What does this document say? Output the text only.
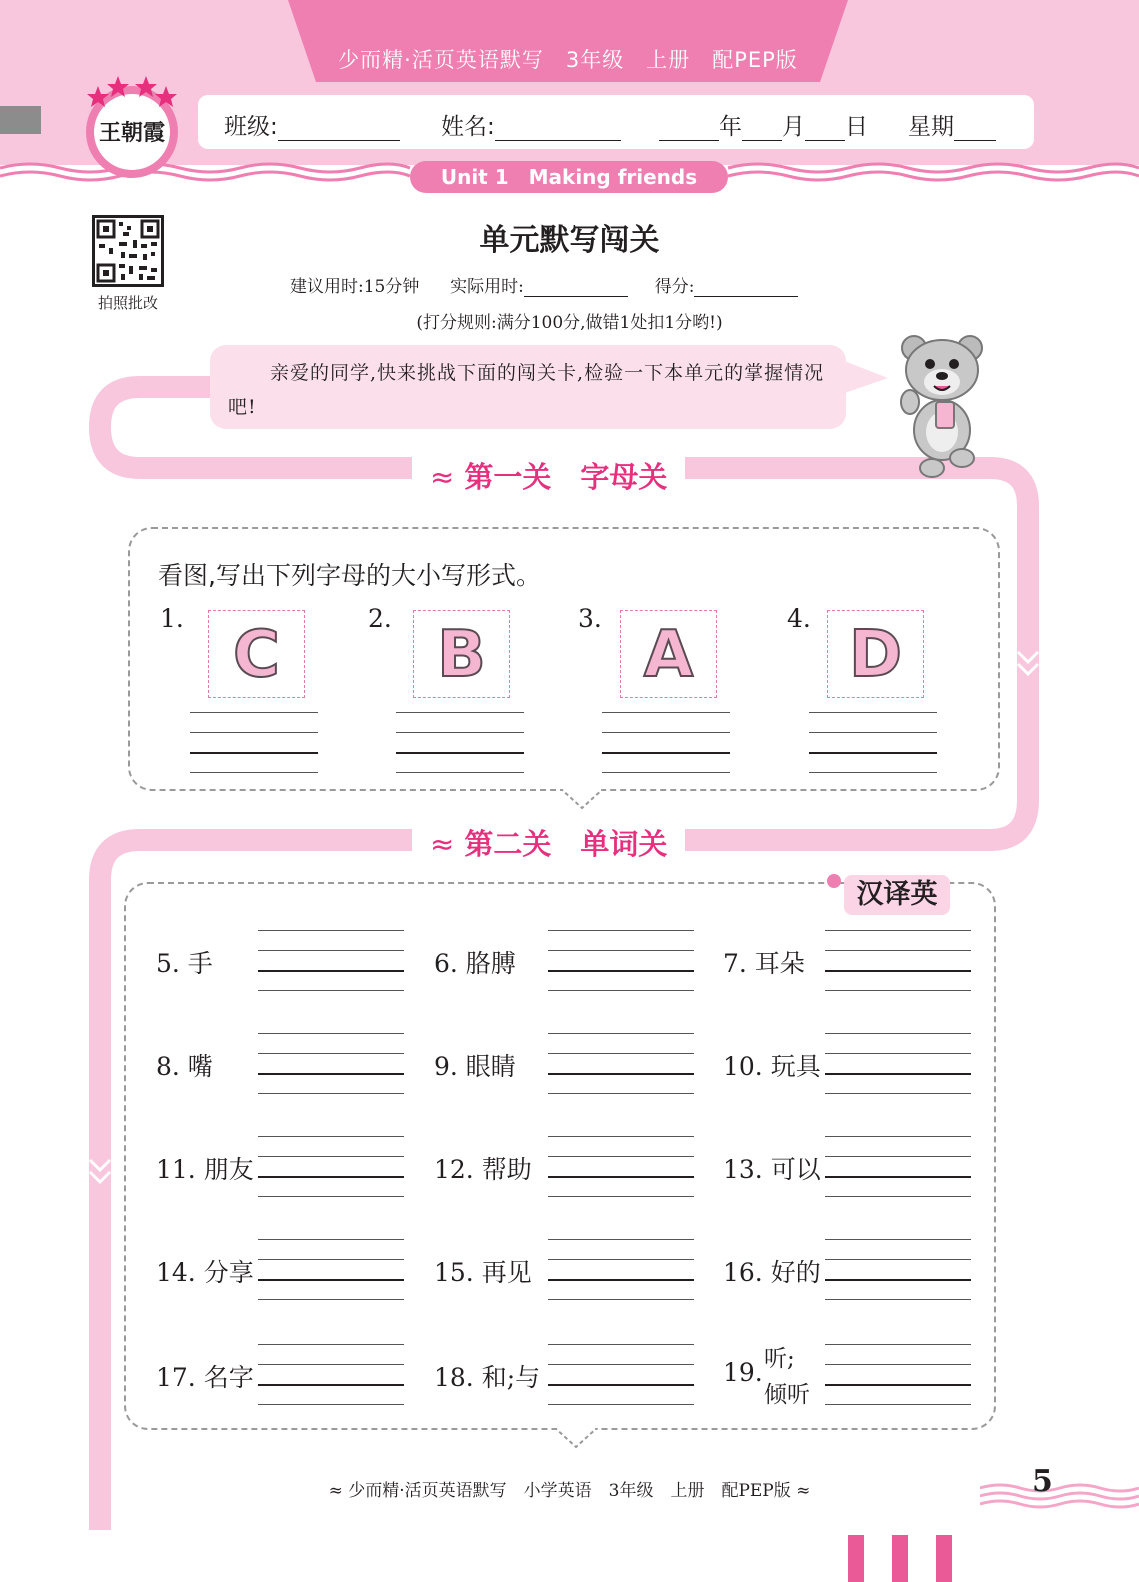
少而精·活页英语默写　3年级　上册　配PEP版
班级:	姓名:	年 月 日 星期
Unit 1　Making friends
王朝霞
拍照批改
单元默写闯关
建议用时:15分钟 实际用时:	得分:
(打分规则:满分100分,做错1处扣1分哟!)
亲爱的同学,快来挑战下面的闯关卡,检验一下本单元的掌握情况吧!
≈ 第一关　字母关
看图,写出下列字母的大小写形式。
1. C	2. B	3. A	4. D
≈ 第二关　单词关
汉译英
5. 手	6. 胳膊	7. 耳朵
8. 嘴	9. 眼睛	10. 玩具
11. 朋友	12. 帮助	13. 可以
14. 分享	15. 再见	16. 好的
17. 名字	18. 和;与	19. 听;
倾听
≈ 少而精·活页英语默写　小学英语　3年级　上册　配PEP版 ≈	5
